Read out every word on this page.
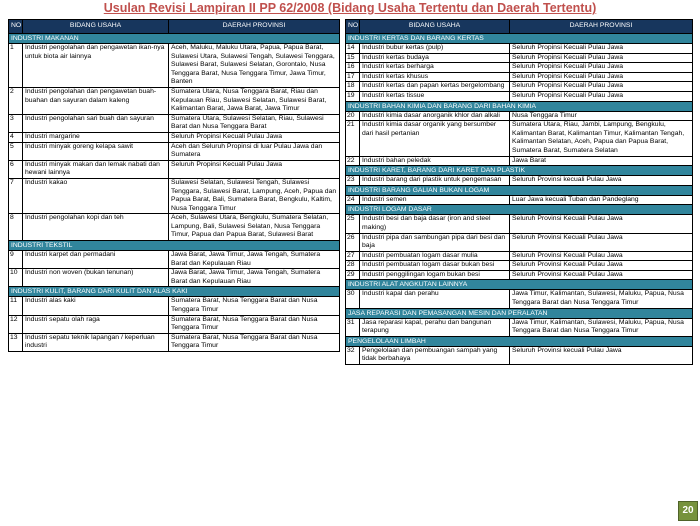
Usulan Revisi Lampiran II PP 62/2008 (Bidang Usaha Tertentu dan Daerah Tertentu)
NO	BIDANG USAHA	DAERAH PROVINSI
INDUSTRI MAKANAN		
1	Industri pengolahan dan pengawetan ikan-nya untuk biota air lainnya	Aceh, Maluku, Maluku Utara, Papua, Papua Barat, Sulawesi Utara, Sulawesi Tengah, Sulawesi Tenggara, Sulawesi Barat, Sulawesi Selatan, Gorontalo, Nusa Tenggara Barat, Nusa Tenggara Timur, Jawa Timur, Banten
2	Industri pengolahan dan pengawetan buah-buahan dan sayuran dalam kaleng	Sumatera Utara, Nusa Tenggara Barat, Riau dan Kepulauan Riau, Sulawesi Selatan, Sulawesi Barat, Kalimantan Barat, Jawa Barat, Jawa Timur
3	Industri pengolahan sari buah dan sayuran	Sumatera Utara, Sulawesi Selatan, Riau, Sulawesi Barat dan Nusa Tenggara Barat
4	Industri margarine	Seluruh Propinsi Kecuali Pulau Jawa
5	Industri minyak goreng kelapa sawit	Aceh dan Seluruh Propinsi di luar Pulau Jawa dan Sumatera
6	Industri minyak makan dan lemak nabati dan hewani lainnya	Seluruh Propinsi Kecuali Pulau Jawa
7	Industri kakao	Sulawesi Selatan, Sulawesi Tengah, Sulawesi Tenggara, Sulawesi Barat, Lampung, Aceh, Papua dan Papua Barat, Bali, Sumatera Barat, Bengkulu, Kaltim, Nusa Tenggara Timur
8	Industri pengolahan kopi dan teh	Aceh, Sulawesi Utara, Bengkulu, Sumatera Selatan, Lampung, Bali, Sulawesi Selatan, Nusa Tenggara Timur, Papua dan Papua Barat, Sulawesi Barat
INDUSTRI TEKSTIL		
9	Industri karpet dan permadani	Jawa Barat, Jawa Timur, Jawa Tengah, Sumatera Barat dan Kepulauan Riau
10	Industri non woven (bukan tenunan)	Jawa Barat, Jawa Timur, Jawa Tengah, Sumatera Barat dan Kepulauan Riau
INDUSTRI KULIT, BARANG DARI KULIT DAN ALAS KAKI		
11	Industri alas kaki	Sumatera Barat, Nusa Tenggara Barat dan Nusa Tenggara Timur
12	Industri sepatu olah raga	Sumatera Barat, Nusa Tenggara Barat dan Nusa Tenggara Timur
13	Industri sepatu teknik lapangan / keperluan industri	Sumatera Barat, Nusa Tenggara Barat dan Nusa Tenggara Timur
NO	BIDANG USAHA	DAERAH PROVINSI
INDUSTRI KERTAS DAN BARANG KERTAS		
14	Industri bubur kertas (pulp)	Seluruh Propinsi Kecuali Pulau Jawa
15	Industri kertas budaya	Seluruh Propinsi Kecuali Pulau Jawa
16	Industri kertas berharga	Seluruh Propinsi Kecuali Pulau Jawa
17	Industri kertas khusus	Seluruh Propinsi Kecuali Pulau Jawa
18	Industri kertas dan papan kertas bergelombang	Seluruh Propinsi Kecuali Pulau Jawa
19	Industri kertas tissue	Seluruh Propinsi Kecuali Pulau Jawa
INDUSTRI BAHAN KIMIA DAN BARANG DARI BAHAN KIMIA		
20	Industri kimia dasar anorganik khlor dan alkali	Nusa Tenggara Timur
21	Industri kimia dasar organik yang bersumber dari hasil pertanian	Sumatera Utara, Riau, Jambi, Lampung, Bengkulu, Kalimantan Barat, Kalimantan Timur, Kalimantan Tengah, Kalimantan Selatan, Aceh, Papua dan Papua Barat, Sumatera Barat, Sumatera Selatan
22	Industri bahan peledak	Jawa Barat
INDUSTRI KARET, BARANG DARI KARET DAN PLASTIK		
23	Industri barang dari plastik untuk pengemasan	Seluruh Provinsi kecuali Pulau Jawa
INDUSTRI BARANG GALIAN BUKAN LOGAM		
24	Industri semen	Luar Jawa kecuali Tuban dan Pandeglang
INDUSTRI LOGAM DASAR		
25	Industri besi dan baja dasar (iron and steel making)	Seluruh Provinsi Kecuali Pulau Jawa
26	Industri pipa dan sambungan pipa dari besi dan baja	Seluruh Provinsi Kecuali Pulau Jawa
27	Industri pembuatan logam dasar mulia	Seluruh Provinsi Kecuali Pulau Jawa
28	Industri pembuatan logam dasar bukan besi	Seluruh Provinsi Kecuali Pulau Jawa
29	Industri penggilingan logam bukan besi	Seluruh Provinsi Kecuali Pulau Jawa
INDUSTRI ALAT ANGKUTAN LAINNYA		
30	Industri kapal dan perahu	Jawa Timur, Kalimantan, Sulawesi, Maluku, Papua, Nusa Tenggara Barat dan Nusa Tenggara Timur
JASA REPARASI DAN PEMASANGAN MESIN DAN PERALATAN		
31	Jasa reparasi kapal, perahu dan bangunan terapung	Jawa Timur, Kalimantan, Sulawesi, Maluku, Papua, Nusa Tenggara Barat dan Nusa Tenggara Timur
PENGELOLAAN LIMBAH		
32	Pengelolaan dan pembuangan sampah yang tidak berbahaya	Seluruh Provinsi kecuali Pulau Jawa
20
